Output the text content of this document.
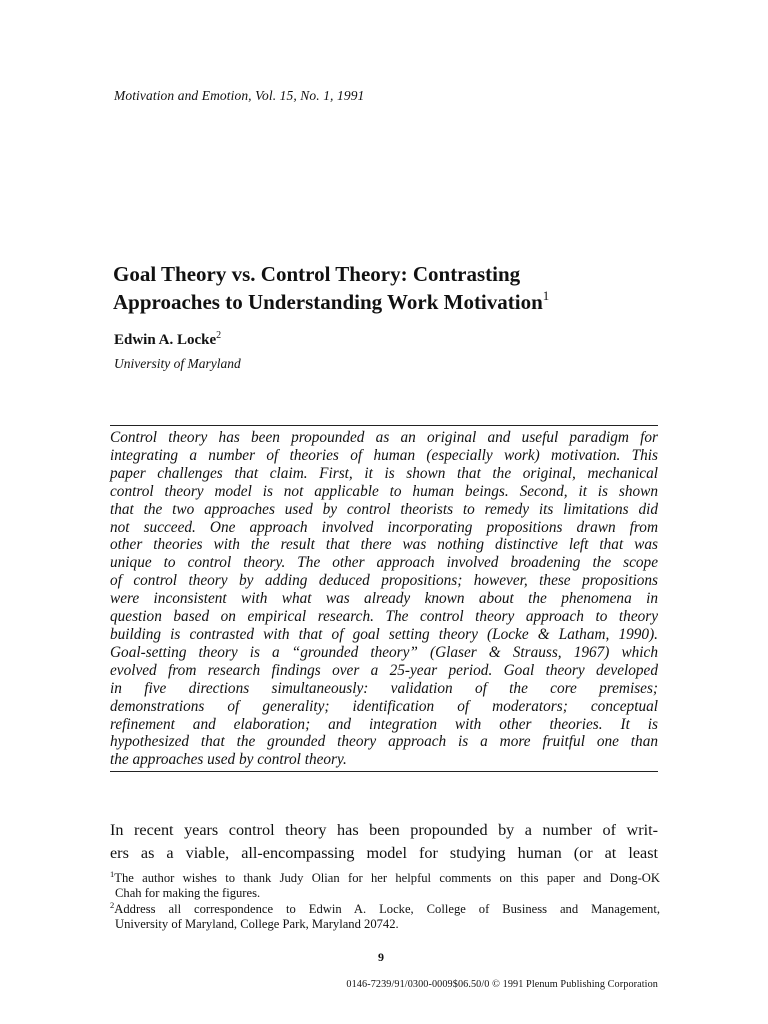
Motivation and Emotion, Vol. 15, No. 1, 1991
Goal Theory vs. Control Theory: Contrasting
Approaches to Understanding Work Motivation$^1$
Edwin A. Locke$^2$
University of Maryland
Control theory has been propounded as an original and useful paradigm for
integrating a number of theories of human (especially work) motivation. This
paper challenges that claim. First, it is shown that the original, mechanical
control theory model is not applicable to human beings. Second, it is shown
that the two approaches used by control theorists to remedy its limitations did
not succeed. One approach involved incorporating propositions drawn from
other theories with the result that there was nothing distinctive left that was
unique to control theory. The other approach involved broadening the scope
of control theory by adding deduced propositions; however, these propositions
were inconsistent with what was already known about the phenomena in
question based on empirical research. The control theory approach to theory
building is contrasted with that of goal setting theory (Locke & Latham, 1990).
Goal-setting theory is a “grounded theory” (Glaser & Strauss, 1967) which
evolved from research findings over a 25-year period. Goal theory developed
in five directions simultaneously: validation of the core premises;
demonstrations of generality; identification of moderators; conceptual
refinement and elaboration; and integration with other theories. It is
hypothesized that the grounded theory approach is a more fruitful one than
the approaches used by control theory.
In recent years control theory has been propounded by a number of writ-
ers as a viable, all-encompassing model for studying human (or at least
$^1$The author wishes to thank Judy Olian for her helpful comments on this paper and Dong-OK
Chah for making the figures.
$^2$Address all correspondence to Edwin A. Locke, College of Business and Management,
University of Maryland, College Park, Maryland 20742.
9
0146-7239/91/0300-0009$06.50/0 © 1991 Plenum Publishing Corporation
